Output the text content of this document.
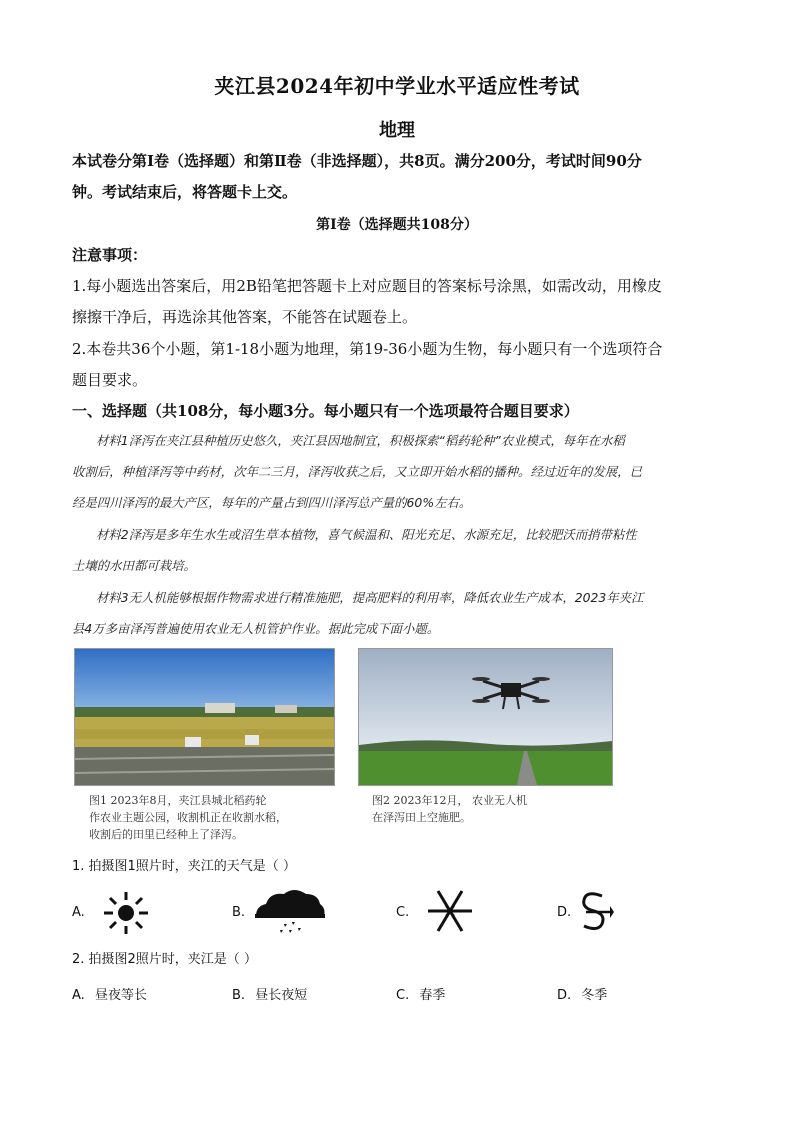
夹江县2024年初中学业水平适应性考试
地理
本试卷分第Ⅰ卷（选择题）和第Ⅱ卷（非选择题），共8页。满分200分，考试时间90分
钟。考试结束后，将答题卡上交。
第Ⅰ卷（选择题共108分）
注意事项：
1.每小题选出答案后，用2B铅笔把答题卡上对应题目的答案标号涂黑，如需改动，用橡皮
擦擦干净后，再选涂其他答案，不能答在试题卷上。
2.本卷共36个小题，第1-18小题为地理，第19-36小题为生物，每小题只有一个选项符合
题目要求。
一、选择题（共108分，每小题3分。每小题只有一个选项最符合题目要求）
材料1泽泻在夹江县种植历史悠久，夹江县因地制宜，积极探索“稻药轮种”农业模式，每年在水稻
收割后，种植泽泻等中药材，次年二三月，泽泻收获之后，又立即开始水稻的播种。经过近年的发展，已
经是四川泽泻的最大产区，每年的产量占到四川泽泻总产量的60%左右。
材料2泽泻是多年生水生或沼生草本植物，喜气候温和、阳光充足、水源充足，比较肥沃而捎带粘性
土壤的水田都可栽培。
材料3无人机能够根据作物需求进行精准施肥，提高肥料的利用率，降低农业生产成本，2023年夹江
县4万多亩泽泻普遍使用农业无人机管护作业。据此完成下面小题。
图1 2023年8月，夹江县城北稻药轮
作农业主题公园，收割机正在收割水稻，
收割后的田里已经种上了泽泻。
图2 2023年12月， 农业无人机
在泽泻田上空施肥。
1. 拍摄图1照片时，夹江的天气是（ ）
A.	B.	C.	D.
2. 拍摄图2照片时，夹江是（ ）
A. 昼夜等长	B. 昼长夜短	C. 春季	D. 冬季
